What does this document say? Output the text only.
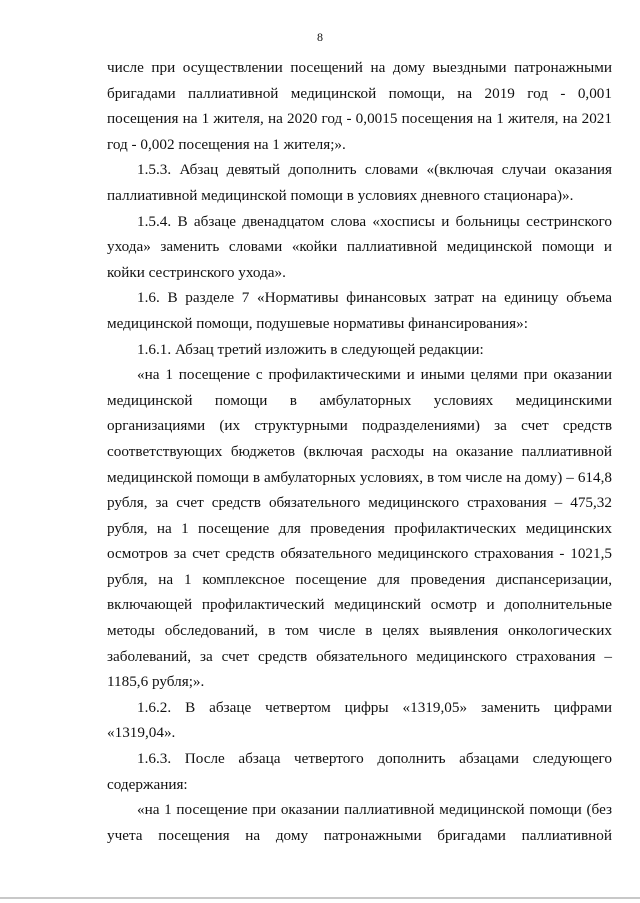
8

числе при осуществлении посещений на дому выездными патронажными бригадами паллиативной медицинской помощи, на 2019 год - 0,001 посещения на 1 жителя, на 2020 год - 0,0015 посещения на 1 жителя, на 2021 год - 0,002 посещения на 1 жителя;».

1.5.3. Абзац девятый дополнить словами «(включая случаи оказания паллиативной медицинской помощи в условиях дневного стационара)».

1.5.4. В абзаце двенадцатом слова «хосписы и больницы сестринского ухода» заменить словами «койки паллиативной медицинской помощи и койки сестринского ухода».

1.6. В разделе 7 «Нормативы финансовых затрат на единицу объема медицинской помощи, подушевые нормативы финансирования»:

1.6.1. Абзац третий изложить в следующей редакции:

«на 1 посещение с профилактическими и иными целями при оказании медицинской помощи в амбулаторных условиях медицинскими организациями (их структурными подразделениями) за счет средств соответствующих бюджетов (включая расходы на оказание паллиативной медицинской помощи в амбулаторных условиях, в том числе на дому) – 614,8 рубля, за счет средств обязательного медицинского страхования – 475,32 рубля, на 1 посещение для проведения профилактических медицинских осмотров за счет средств обязательного медицинского страхования - 1021,5 рубля, на 1 комплексное посещение для проведения диспансеризации, включающей профилактический медицинский осмотр и дополнительные методы обследований, в том числе в целях выявления онкологических заболеваний, за счет средств обязательного медицинского страхования – 1185,6 рубля;».

1.6.2. В абзаце четвертом цифры «1319,05» заменить цифрами «1319,04».

1.6.3. После абзаца четвертого дополнить абзацами следующего содержания:

«на 1 посещение при оказании паллиативной медицинской помощи (без учета посещения на дому патронажными бригадами паллиативной
